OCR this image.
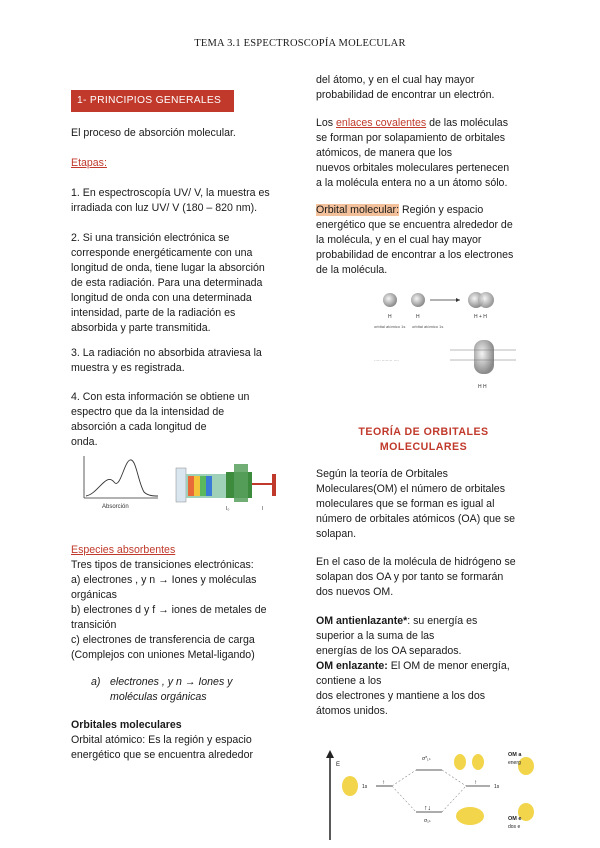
TEMA 3.1 ESPECTROSCOPÍA MOLECULAR
1- PRINCIPIOS GENERALES

El proceso de absorción molecular.

Etapas:

1. En espectroscopía UV/ V, la muestra es

irradiada con luz UV/ V (180 – 820 nm).

2. Si una transición electrónica se

corresponde energéticamente con una

longitud de onda, tiene lugar la absorción

de esta radiación. Para una determinada

longitud de onda con una determinada

intensidad, parte de la radiación es

absorbida y parte transmitida.

3. La radiación no absorbida atraviesa la

muestra y es registrada.

4. Con esta información se obtiene un

espectro que da la intensidad de

absorción a cada longitud de

onda.

Absorción	I₀	I

Especies absorbentes

Tres tipos de transiciones electrónicas:

a) electrones , y n → Iones y moléculas

orgánicas

b) electrones d y f → iones de metales de

transición

c) electrones de transferencia de carga

(Complejos con uniones Metal-ligando)

a) electrones , y n → Iones y

moléculas orgánicas

Orbitales moleculares

Orbital atómico: Es la región y espacio

energético que se encuentra alrededor

del átomo, y en el cual hay mayor

probabilidad de encontrar un electrón.

Los enlaces covalentes de las moléculas

se forman por solapamiento de orbitales

atómicos, de manera que los

nuevos orbitales moleculares pertenecen

a la molécula entera no a un átomo sólo.

Orbital molecular: Región y espacio

energético que se encuentra alrededor de

la molécula, y en el cual hay mayor

probabilidad de encontrar a los electrones

de la molécula.

H	H	H + H
orbital atómico 1s orbital atómico 1s
····· ········ ····
H H

TEORÍA DE ORBITALES

MOLECULARES

Según la teoría de Orbitales

Moleculares(OM) el número de orbitales

moleculares que se forman es igual al

número de orbitales atómicos (OA) que se

solapan.

En el caso de la molécula de hidrógeno se

solapan dos OA y por tanto se formarán

dos nuevos OM.

OM antienlazante*: su energía es

superior a la suma de las

energías de los OA separados.

OM enlazante: El OM de menor energía,

contiene a los

dos electrones y mantiene a los dos

átomos unidos.

E
1s
↑
σ*₁ₛ
↑↓
σ₁ₛ
↑
1s
OM a
energ
OM e
dos e
